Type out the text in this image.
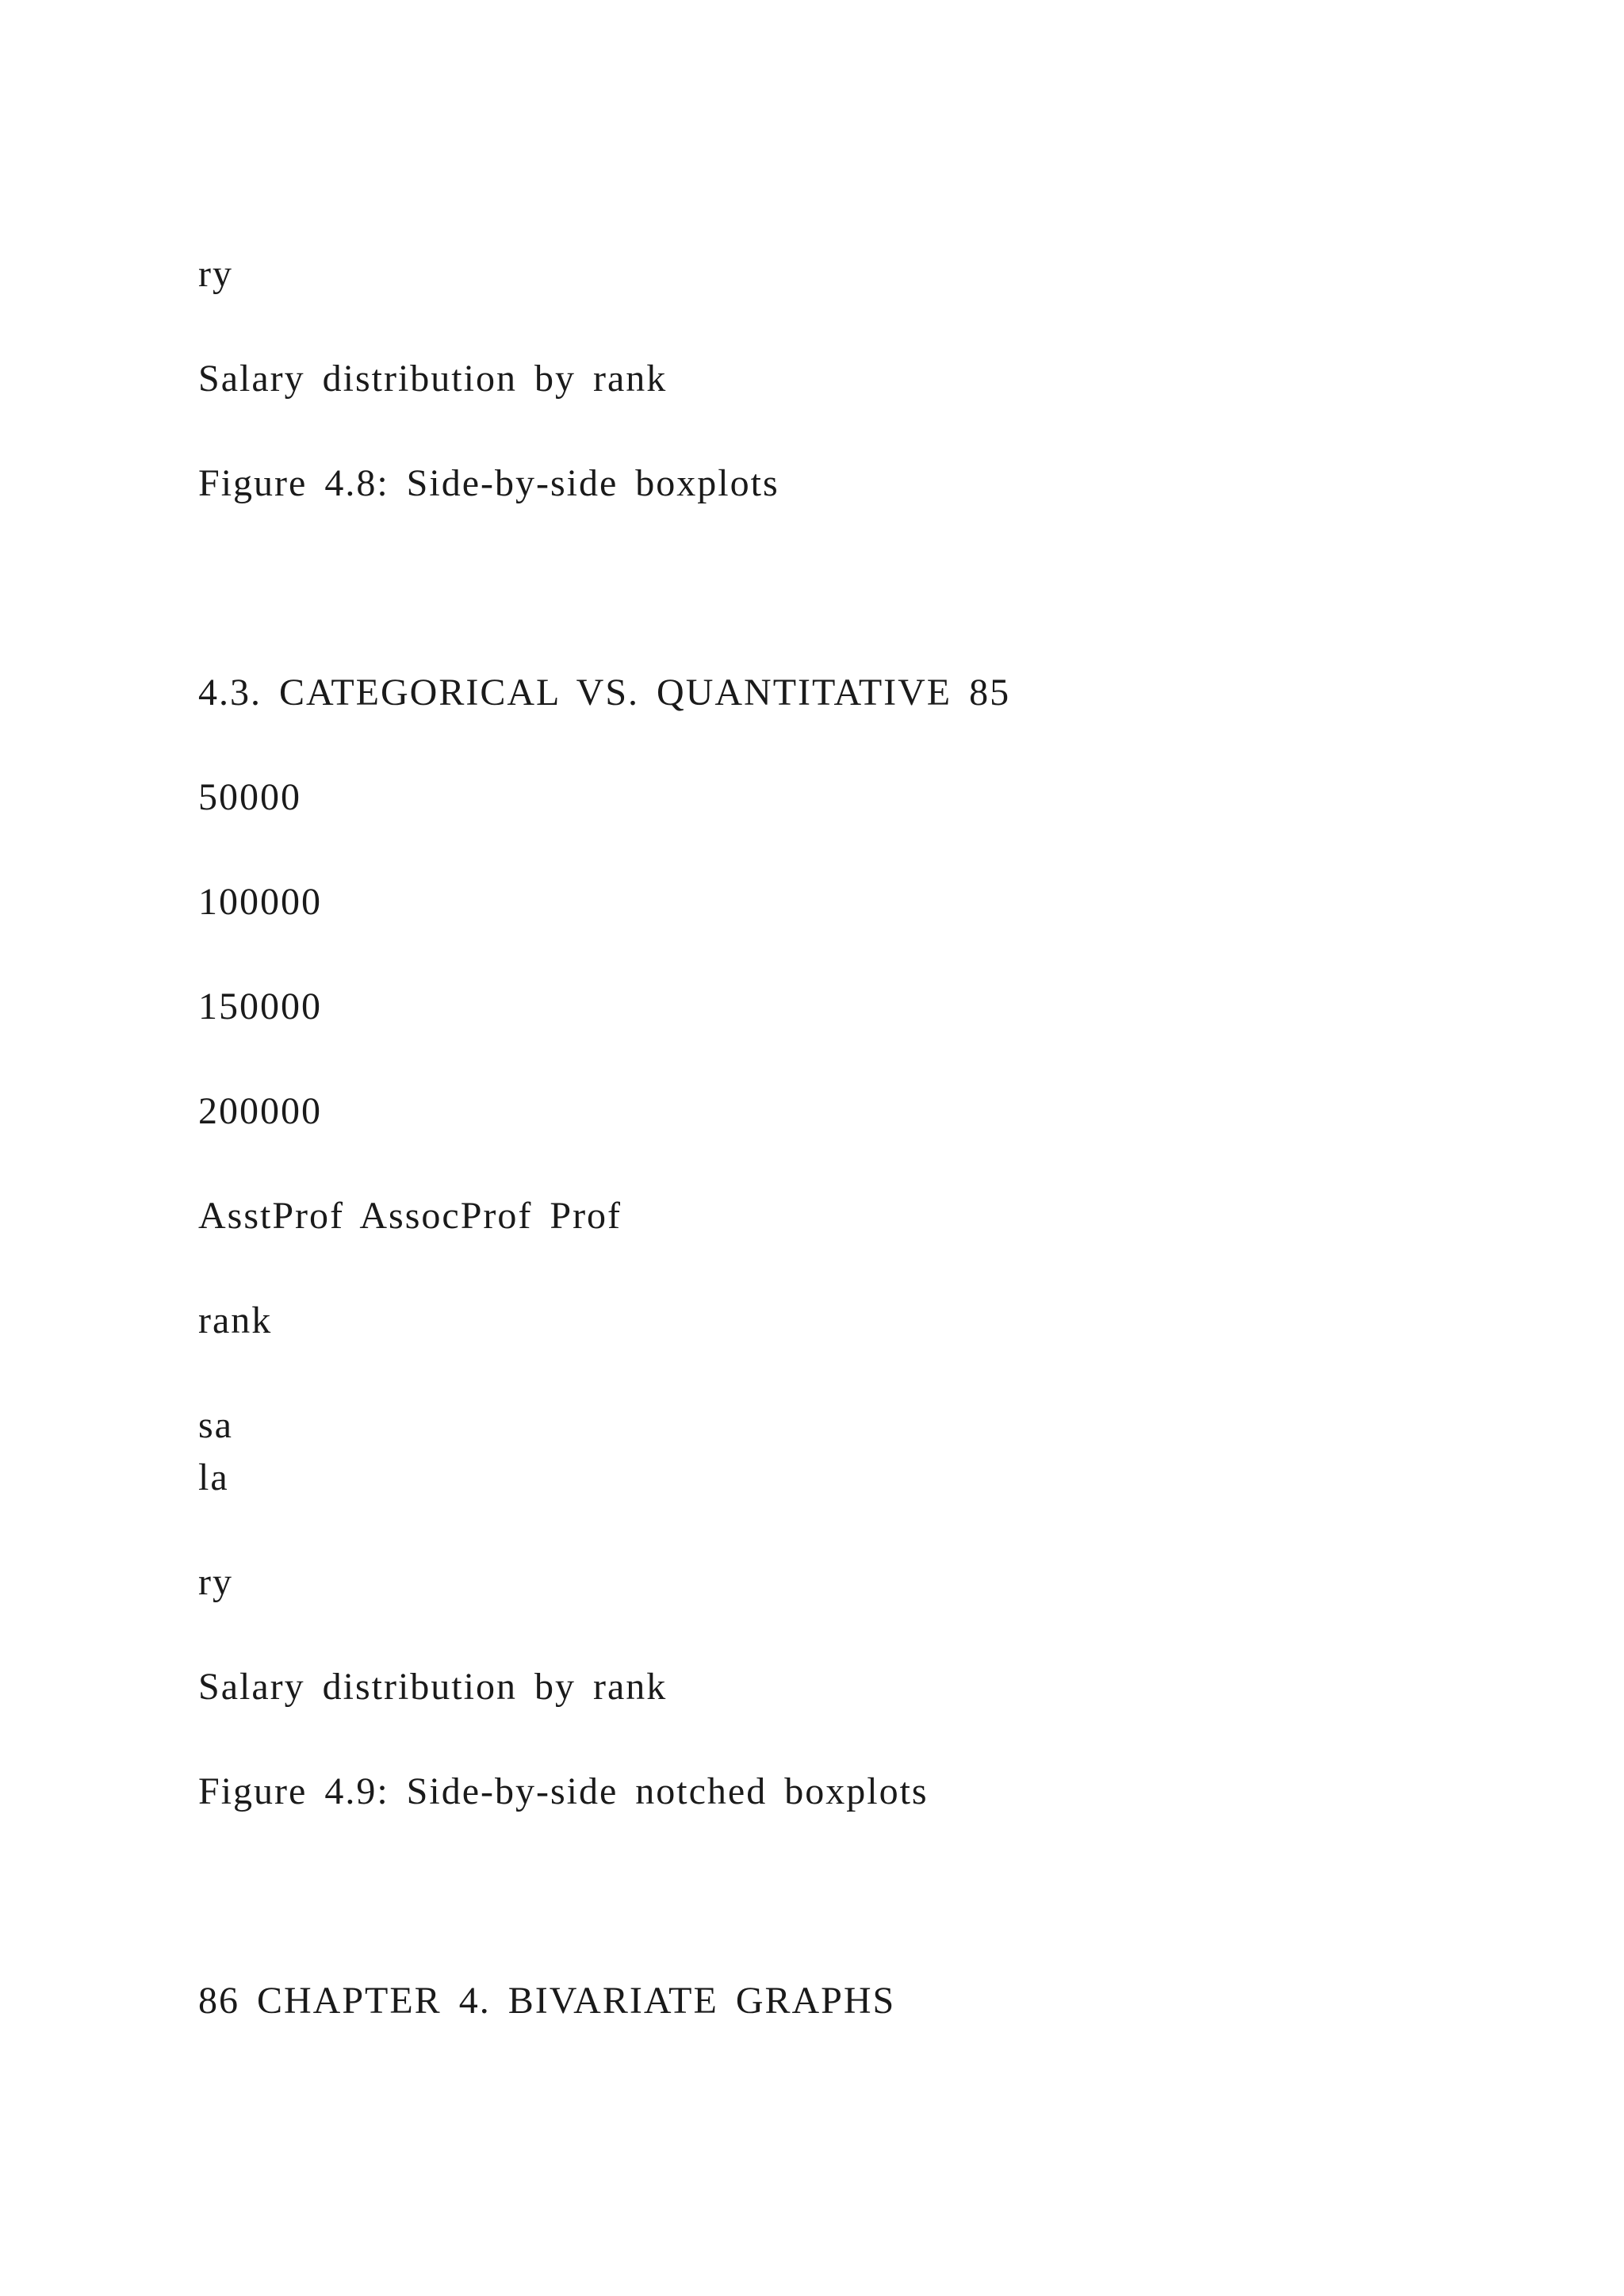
ry
Salary distribution by rank
Figure 4.8: Side-by-side boxplots
4.3. CATEGORICAL VS. QUANTITATIVE 85
50000
100000
150000
200000
AsstProf AssocProf Prof
rank
sa
la
ry
Salary distribution by rank
Figure 4.9: Side-by-side notched boxplots
86 CHAPTER 4. BIVARIATE GRAPHS
